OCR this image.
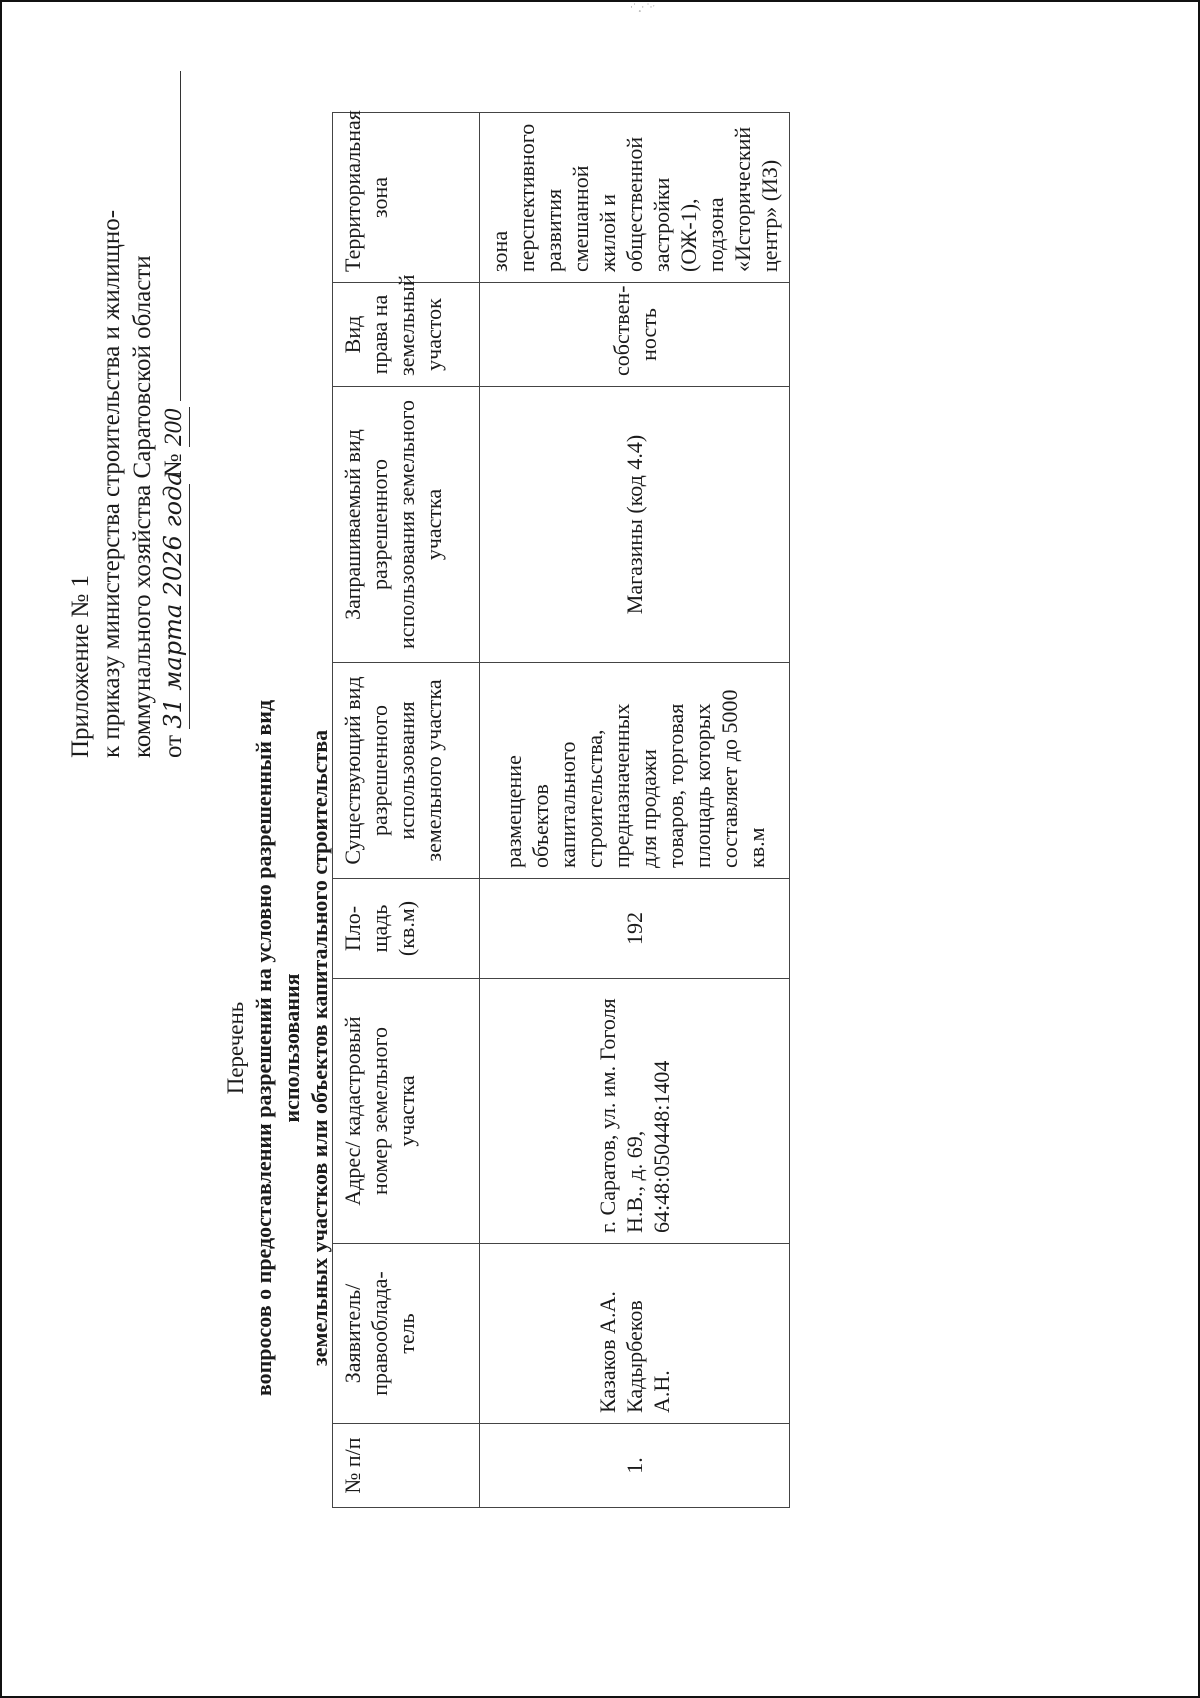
·˙ ¸· ˙·ˑ
Приложение № 1 к приказу министерства строительства и жилищно- коммунального хозяйства Саратовской области от 31 марта 2026 года № 200
Перечень вопросов о предоставлении разрешений на условно разрешенный вид использования земельных участков или объектов капитального строительства
№ п/п	Заявитель/ правооблада-тель	Адрес/ кадастровый номер земельного участка	Пло-щадь (кв.м)	Существующий вид разрешенного использования земельного участка	Запрашиваемый вид разрешенного использования земельного участка	Вид права на земельный участок	Территориальная зона
1.	Казаков А.А. Кадырбеков А.Н.	г. Саратов, ул. им. Гоголя Н.В., д. 69, 64:48:050448:1404	192	размещение объектов капитального строительства, предназначенных для продажи товаров, торговая площадь которых составляет до 5000 кв.м	Магазины (код 4.4)	собствен-ность	зона перспективного развития смешанной жилой и общественной застройки (ОЖ-1), подзона «Исторический центр» (ИЗ)
